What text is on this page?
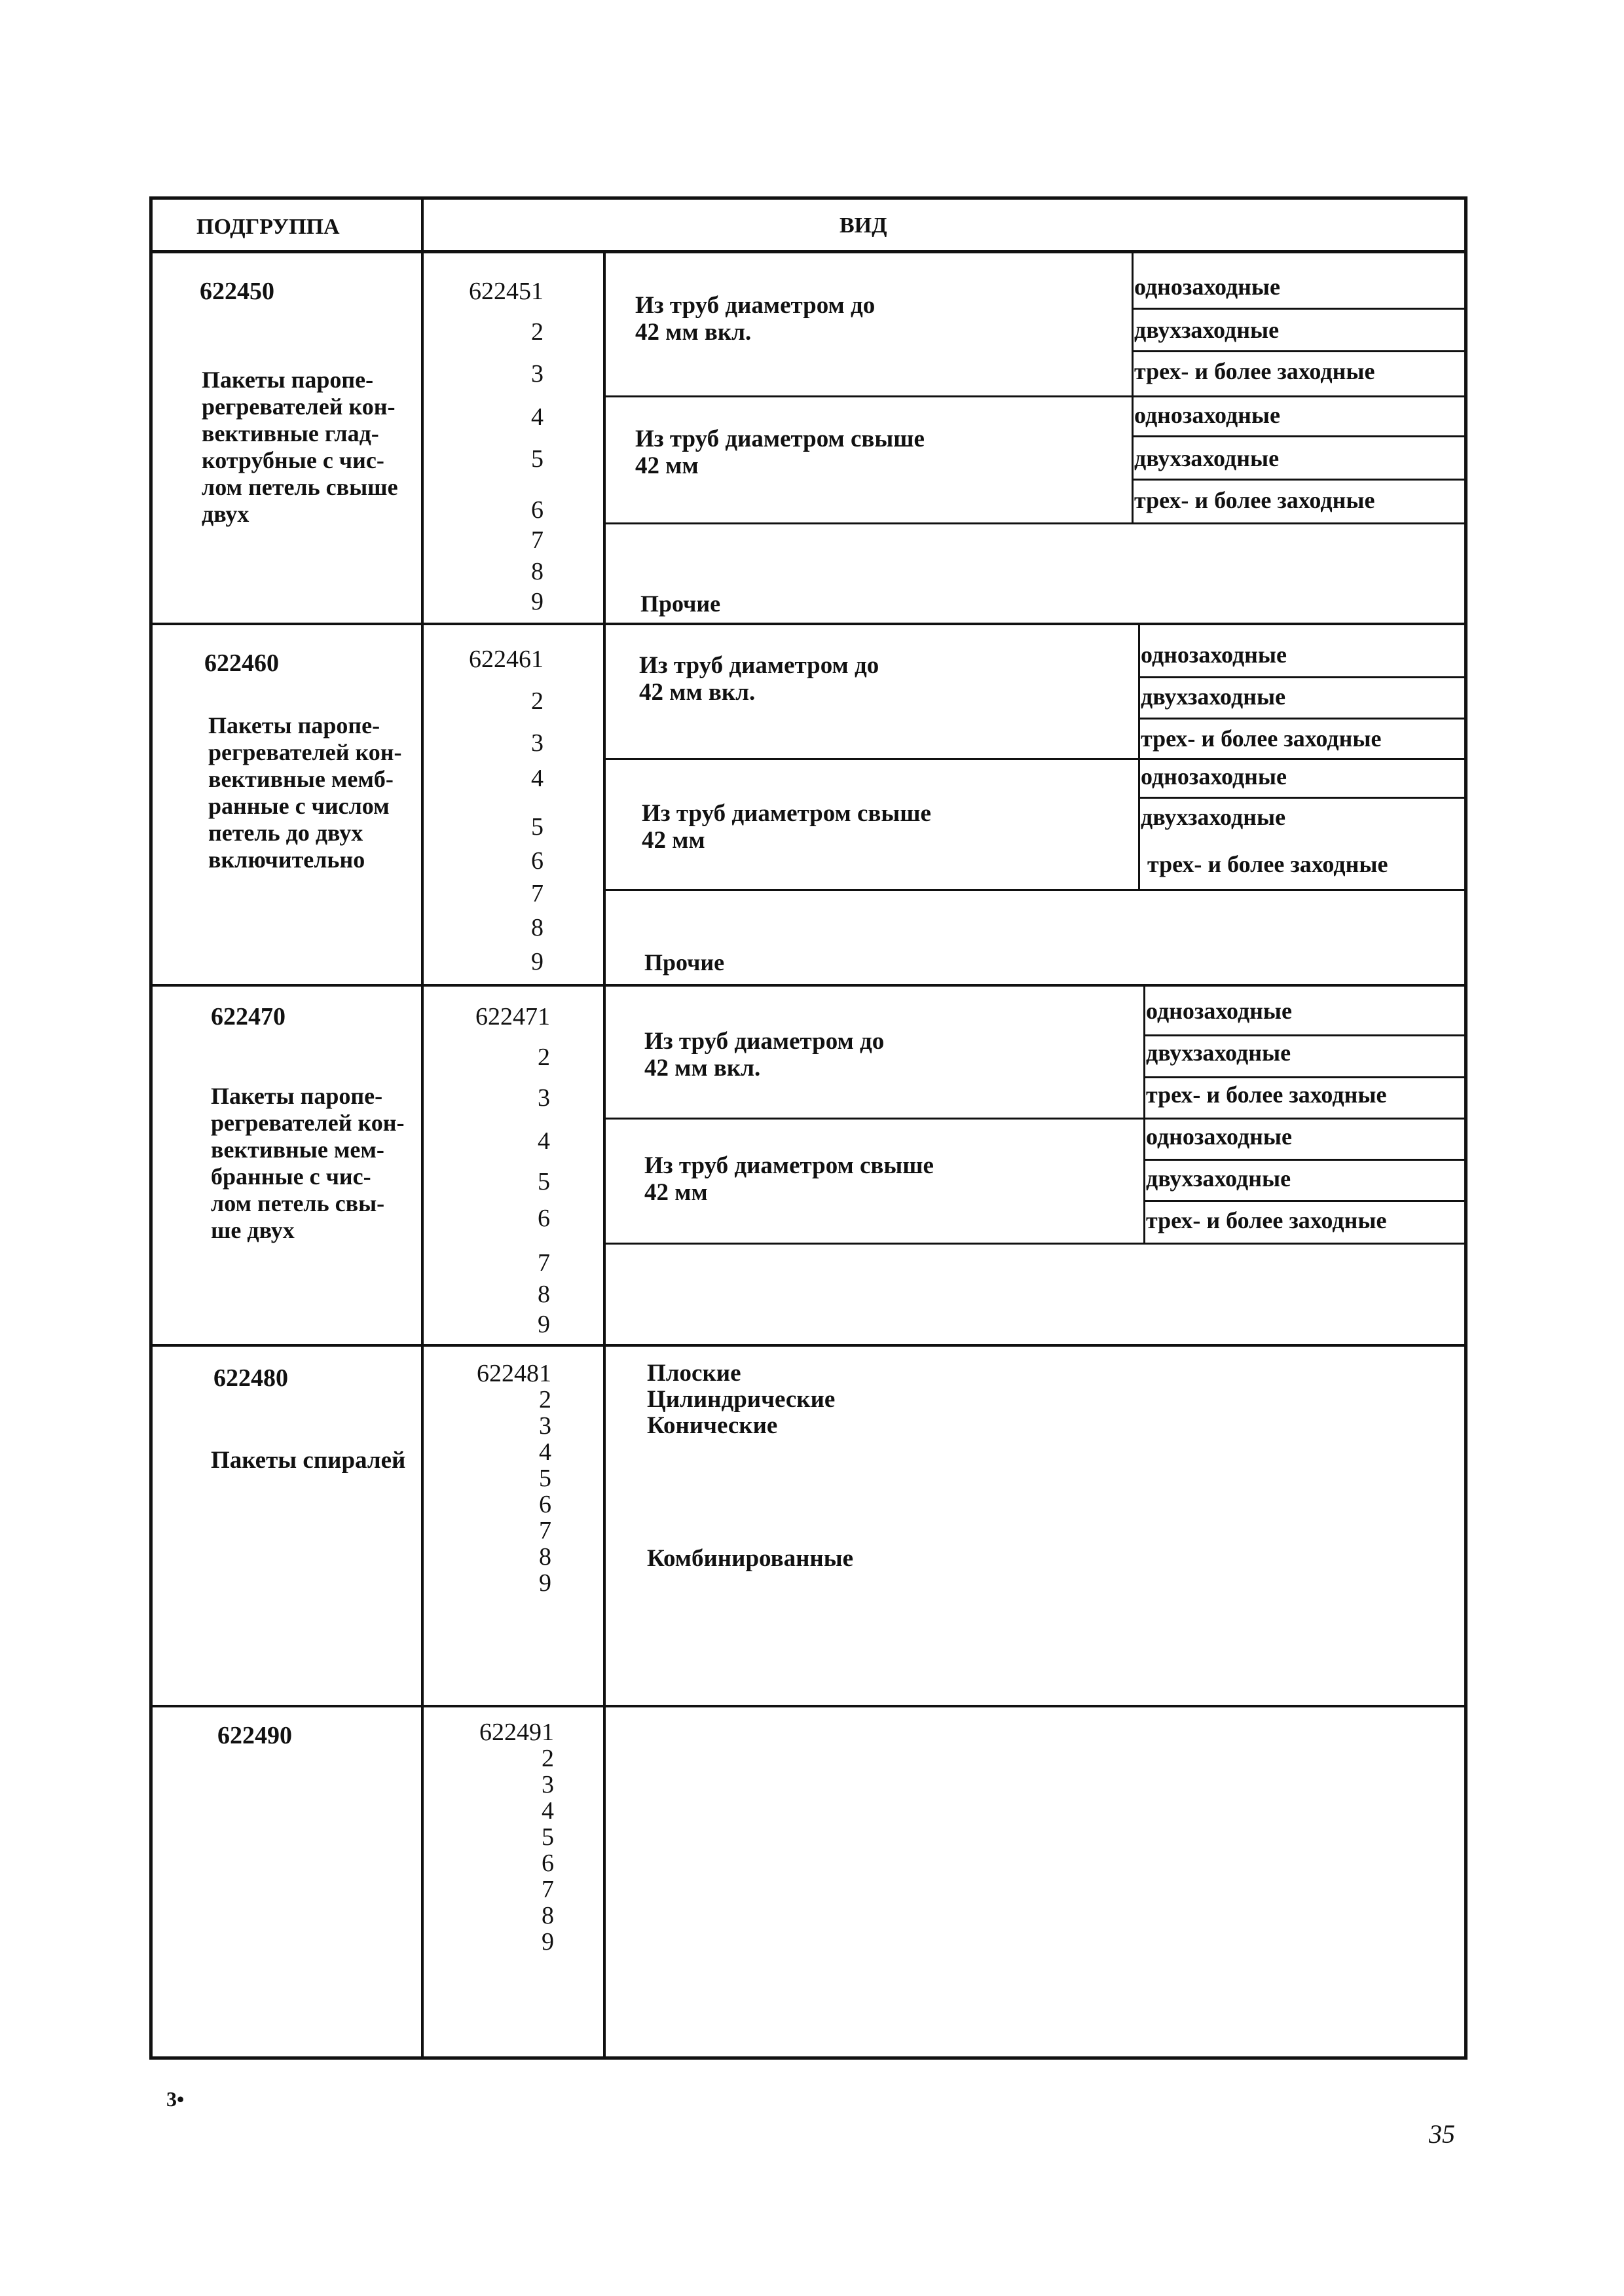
ПОДГРУППА	ВИД
622450
Пакеты паропе-
регревателей кон-
вективные глад-
котрубные с чис-
лом петель свыше
двух
622451
2
3
4
5
6
7
8
9
Из труб диаметром до
42 мм вкл.
однозаходные
двухзаходные
трех- и более заходные
Из труб диаметром свыше
42 мм
однозаходные
двухзаходные
трех- и более заходные
Прочие
622460
Пакеты паропе-
регревателей кон-
вективные мемб-
ранные с числом
петель до двух
включительно
622461
2
3
4
5
6
7
8
9
Из труб диаметром до
42 мм вкл.
однозаходные
двухзаходные
трех- и более заходные
Из труб диаметром свыше
42 мм
однозаходные
двухзаходные
трех- и более заходные
Прочие
622470
Пакеты паропе-
регревателей кон-
вективные мем-
бранные с чис-
лом петель свы-
ше двух
622471
2
3
4
5
6
7
8
9
Из труб диаметром до
42 мм вкл.
однозаходные
двухзаходные
трех- и более заходные
Из труб диаметром свыше
42 мм
однозаходные
двухзаходные
трех- и более заходные
622480
Пакеты спиралей
622481
2
3
4
5
6
7
8
9
Плоские
Цилиндрические
Конические
Комбинированные
622490	622491
2
3
4
5
6
7
8
9
3•
35
